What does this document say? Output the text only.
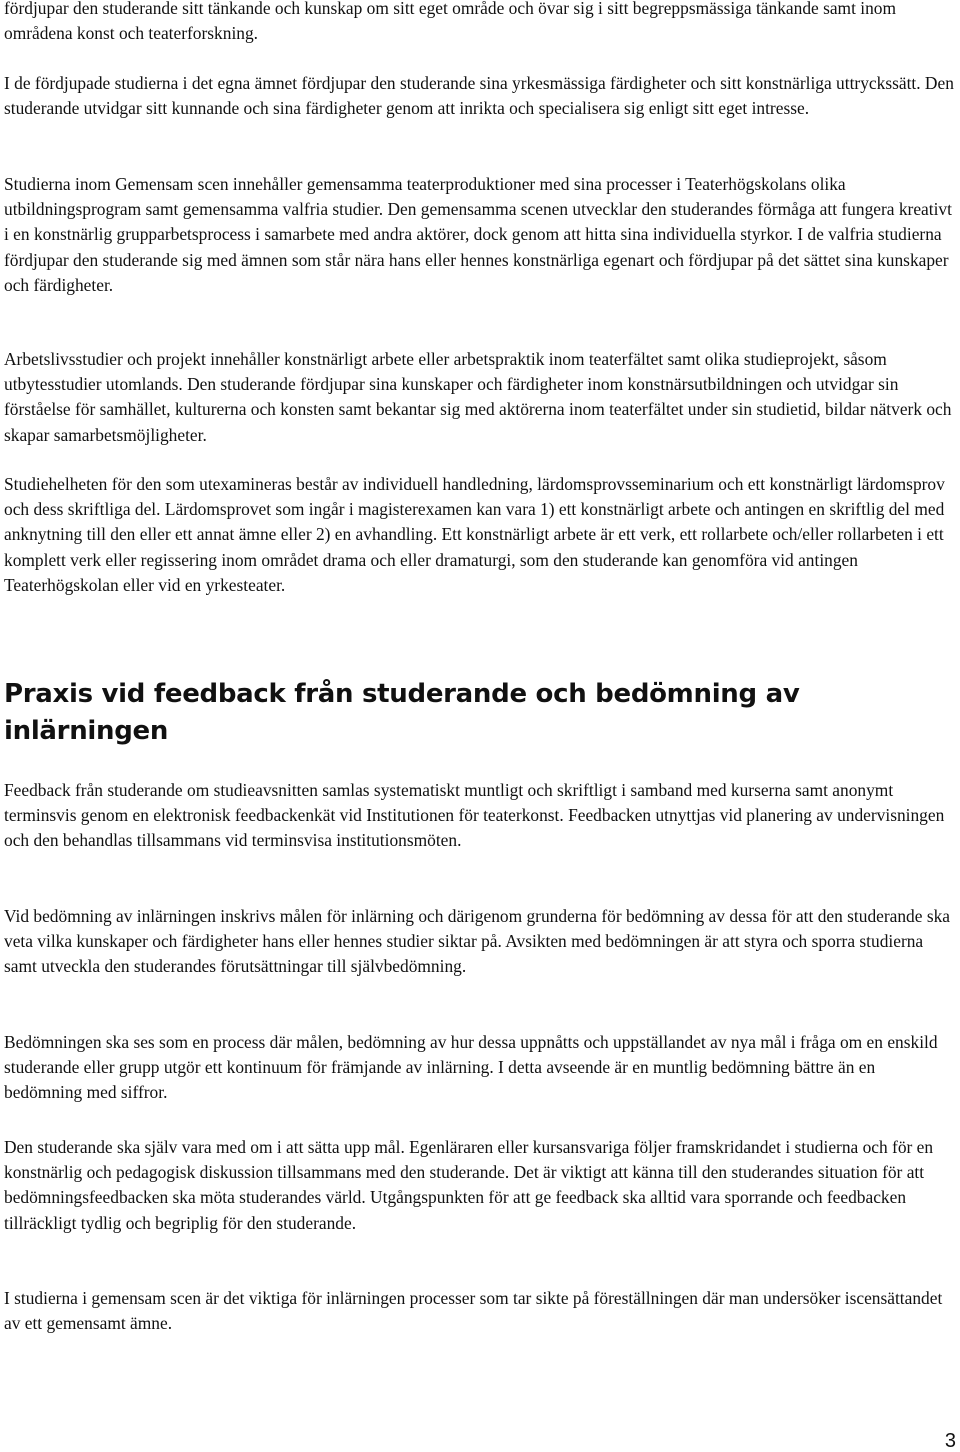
fördjupar den studerande sitt tänkande och kunskap om sitt eget område och övar sig i sitt begreppsmässiga tänkande samt inom områdena konst och teaterforskning.

I de fördjupade studierna i det egna ämnet fördjupar den studerande sina yrkesmässiga färdigheter och sitt konstnärliga uttryckssätt. Den studerande utvidgar sitt kunnande och sina färdigheter genom att inrikta och specialisera sig enligt sitt eget intresse.

Studierna inom Gemensam scen innehåller gemensamma teaterproduktioner med sina processer i Teaterhögskolans olika utbildningsprogram samt gemensamma valfria studier. Den gemensamma scenen utvecklar den studerandes förmåga att fungera kreativt i en konstnärlig grupparbetsprocess i samarbete med andra aktörer, dock genom att hitta sina individuella styrkor. I de valfria studierna fördjupar den studerande sig med ämnen som står nära hans eller hennes konstnärliga egenart och fördjupar på det sättet sina kunskaper och färdigheter.

Arbetslivsstudier och projekt innehåller konstnärligt arbete eller arbetspraktik inom teaterfältet samt olika studieprojekt, såsom utbytesstudier utomlands. Den studerande fördjupar sina kunskaper och färdigheter inom konstnärsutbildningen och utvidgar sin förståelse för samhället, kulturerna och konsten samt bekantar sig med aktörerna inom teaterfältet under sin studietid, bildar nätverk och skapar samarbetsmöjligheter.

Studiehelheten för den som utexamineras består av individuell handledning, lärdomsprovsseminarium och ett konstnärligt lärdomsprov och dess skriftliga del. Lärdomsprovet som ingår i magisterexamen kan vara 1) ett konstnärligt arbete och antingen en skriftlig del med anknytning till den eller ett annat ämne eller 2) en avhandling. Ett konstnärligt arbete är ett verk, ett rollarbete och/eller rollarbeten i ett komplett verk eller regissering inom området drama och eller dramaturgi, som den studerande kan genomföra vid antingen Teaterhögskolan eller vid en yrkesteater.

Praxis vid feedback från studerande och bedömning av inlärningen

Feedback från studerande om studieavsnitten samlas systematiskt muntligt och skriftligt i samband med kurserna samt anonymt terminsvis genom en elektronisk feedbackenkät vid Institutionen för teaterkonst. Feedbacken utnyttjas vid planering av undervisningen och den behandlas tillsammans vid terminsvisa institutionsmöten.

Vid bedömning av inlärningen inskrivs målen för inlärning och därigenom grunderna för bedömning av dessa för att den studerande ska veta vilka kunskaper och färdigheter hans eller hennes studier siktar på. Avsikten med bedömningen är att styra och sporra studierna samt utveckla den studerandes förutsättningar till självbedömning.

Bedömningen ska ses som en process där målen, bedömning av hur dessa uppnåtts och uppställandet av nya mål i fråga om en enskild studerande eller grupp utgör ett kontinuum för främjande av inlärning. I detta avseende är en muntlig bedömning bättre än en bedömning med siffror.

Den studerande ska själv vara med om i att sätta upp mål. Egenläraren eller kursansvariga följer framskridandet i studierna och för en konstnärlig och pedagogisk diskussion tillsammans med den studerande. Det är viktigt att känna till den studerandes situation för att bedömningsfeedbacken ska möta studerandes värld. Utgångspunkten för att ge feedback ska alltid vara sporrande och feedbacken tillräckligt tydlig och begriplig för den studerande.

I studierna i gemensam scen är det viktiga för inlärningen processer som tar sikte på föreställningen där man undersöker iscensättandet av ett gemensamt ämne.

3
